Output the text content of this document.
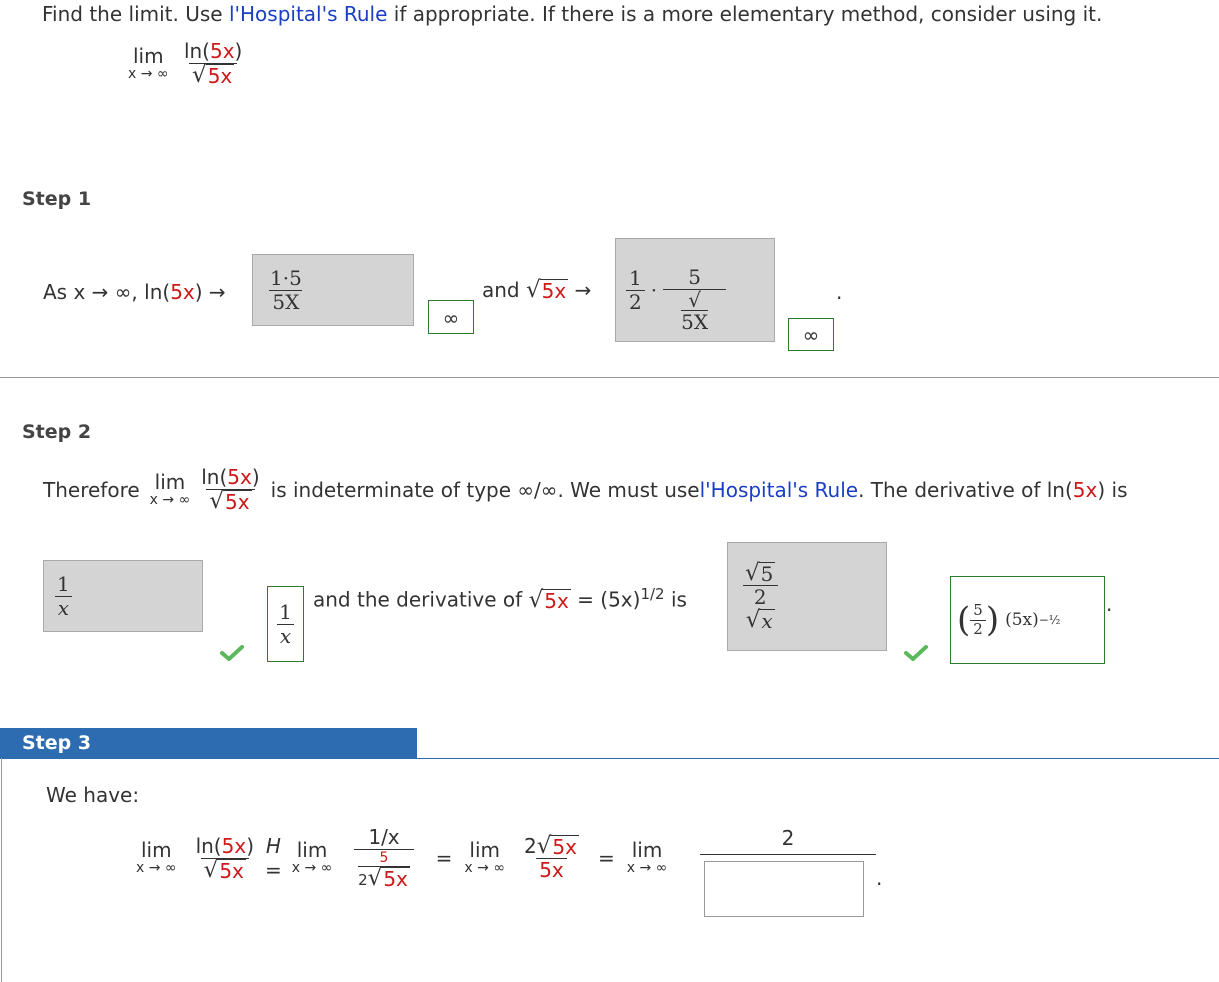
Find the limit. Use l'Hospital's Rule if appropriate. If there is a more elementary method, consider using it.
lim
x → ∞
$\frac{\ln(5x)}{√ 5x}$
Step 1
As x → ∞, $\ln(5x) \to \frac{1\cdot 5}{5X}$
∞
and √ $5x \to \frac{1}{2} \cdot 5$
√
5X
∞
.
Step 2
Therefore lim
x → ∞ $\frac{\ln(5x)}{√ 5x}$ is indeterminate of type ∞/∞. We must use l'Hospital's Rule . The derivative of ln( 5x ) is
$\frac{1}{x}$
$\frac{1}{x}$
and the derivative of √ $5x = (5x)^{1/2}$ is √ 5
2
√ x	( $\frac{5}{2}$ ) (5x) −½
.
Step 3
We have:
lim
x → ∞ $\frac{\ln(5x)}{√ 5x}$ H
=
lim
x → ∞ 1/x
5
2 √ 5x = lim
x → ∞ $\frac{2 √ 5x}{5x} = \lim$
x → ∞
2
.
